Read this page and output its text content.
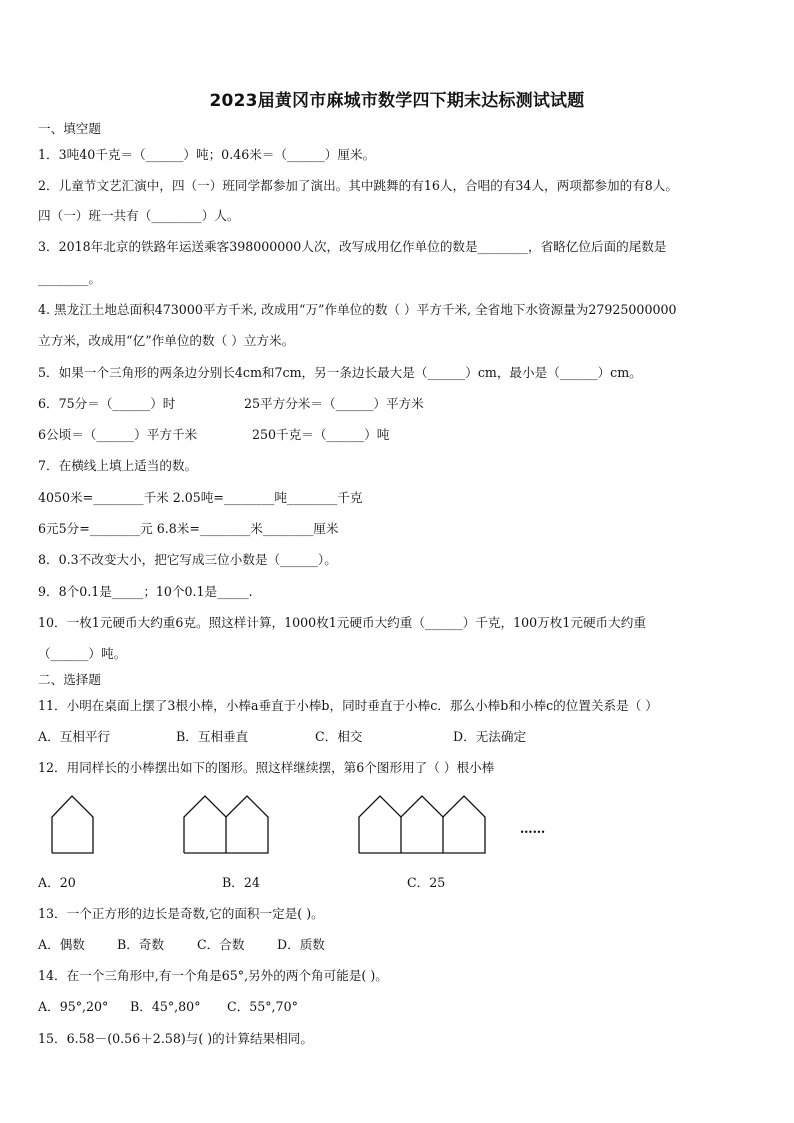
2023届黄冈市麻城市数学四下期末达标测试试题
一、填空题
1．3吨40千克＝（______）吨；0.46米＝（______）厘米。
2．儿童节文艺汇演中，四（一）班同学都参加了演出。其中跳舞的有16人，合唱的有34人，两项都参加的有8人。
四（一）班一共有（________）人。
3．2018年北京的铁路年运送乘客398000000人次，改写成用亿作单位的数是________，省略亿位后面的尾数是
________。
4. 黑龙江土地总面积473000平方千米, 改成用“万”作单位的数（ ）平方千米, 全省地下水资源量为27925000000
立方米，改成用“亿”作单位的数（ ）立方米。
5．如果一个三角形的两条边分别长4cm和7cm，另一条边长最大是（______）cm，最小是（______）cm。
6．75分＝（______）时	25平方分米＝（______）平方米
6公顷＝（______）平方千米	250千克＝（______）吨
7．在横线上填上适当的数。
4050米=________千米 2.05吨=________吨________千克
6元5分=________元 6.8米=________米________厘米
8．0.3不改变大小，把它写成三位小数是（______）。
9．8个0.1是_____；10个0.1是_____.
10．一枚1元硬币大约重6克。照这样计算，1000枚1元硬币大约重（______）千克，100万枚1元硬币大约重
（______）吨。
二、选择题
11．小明在桌面上摆了3根小棒，小棒a垂直于小棒b，同时垂直于小棒c．那么小棒b和小棒c的位置关系是（ ）
A．互相平行	B．互相垂直	C．相交	D．无法确定
12．用同样长的小棒摆出如下的图形。照这样继续摆，第6个图形用了（ ）根小棒
……
A．20	B．24	C．25
13．一个正方形的边长是奇数,它的面积一定是( )。
A．偶数	B．奇数	C．合数	D．质数
14．在一个三角形中,有一个角是65°,另外的两个角可能是( )。
A．95°,20° B．45°,80° C．55°,70°
15．6.58－(0.56＋2.58)与( )的计算结果相同。
